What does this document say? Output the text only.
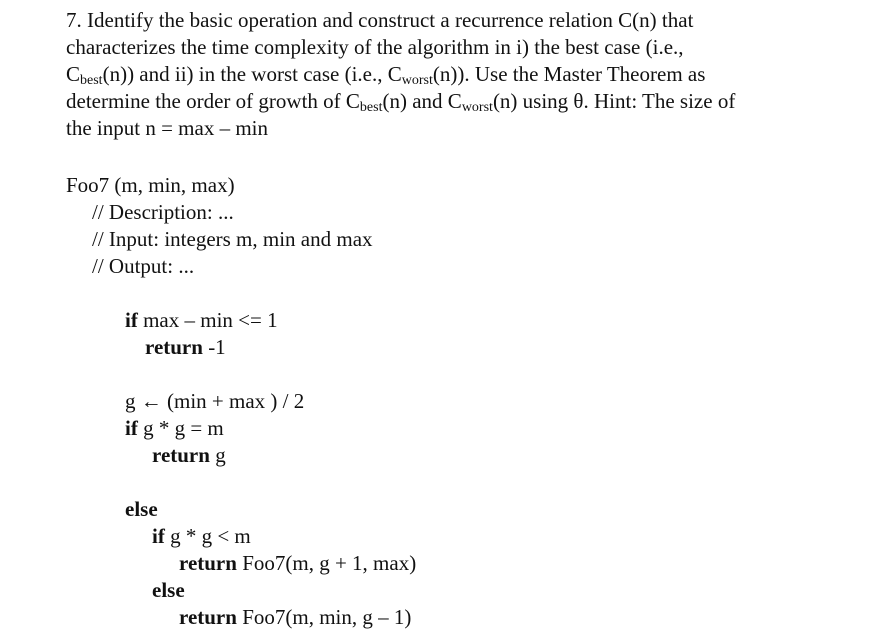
7. Identify the basic operation and construct a recurrence relation C(n) that
characterizes the time complexity of the algorithm in i) the best case (i.e.,
$C_{best}(n)$) and ii) in the worst case (i.e., $C_{worst}(n)$). Use the Master Theorem as
determine the order of growth of $C_{best}(n)$ and $C_{worst}(n)$ using θ. Hint: The size of
the input n = max – min
Foo7 (m, min, max)
// Description: ...
// Input: integers m, min and max
// Output: ...
if max – min <= 1
return -1
g ← (min + max ) / 2
if g * g = m
return g
else
if g * g < m
return Foo7(m, g + 1, max)
else
return Foo7(m, min, g – 1)
